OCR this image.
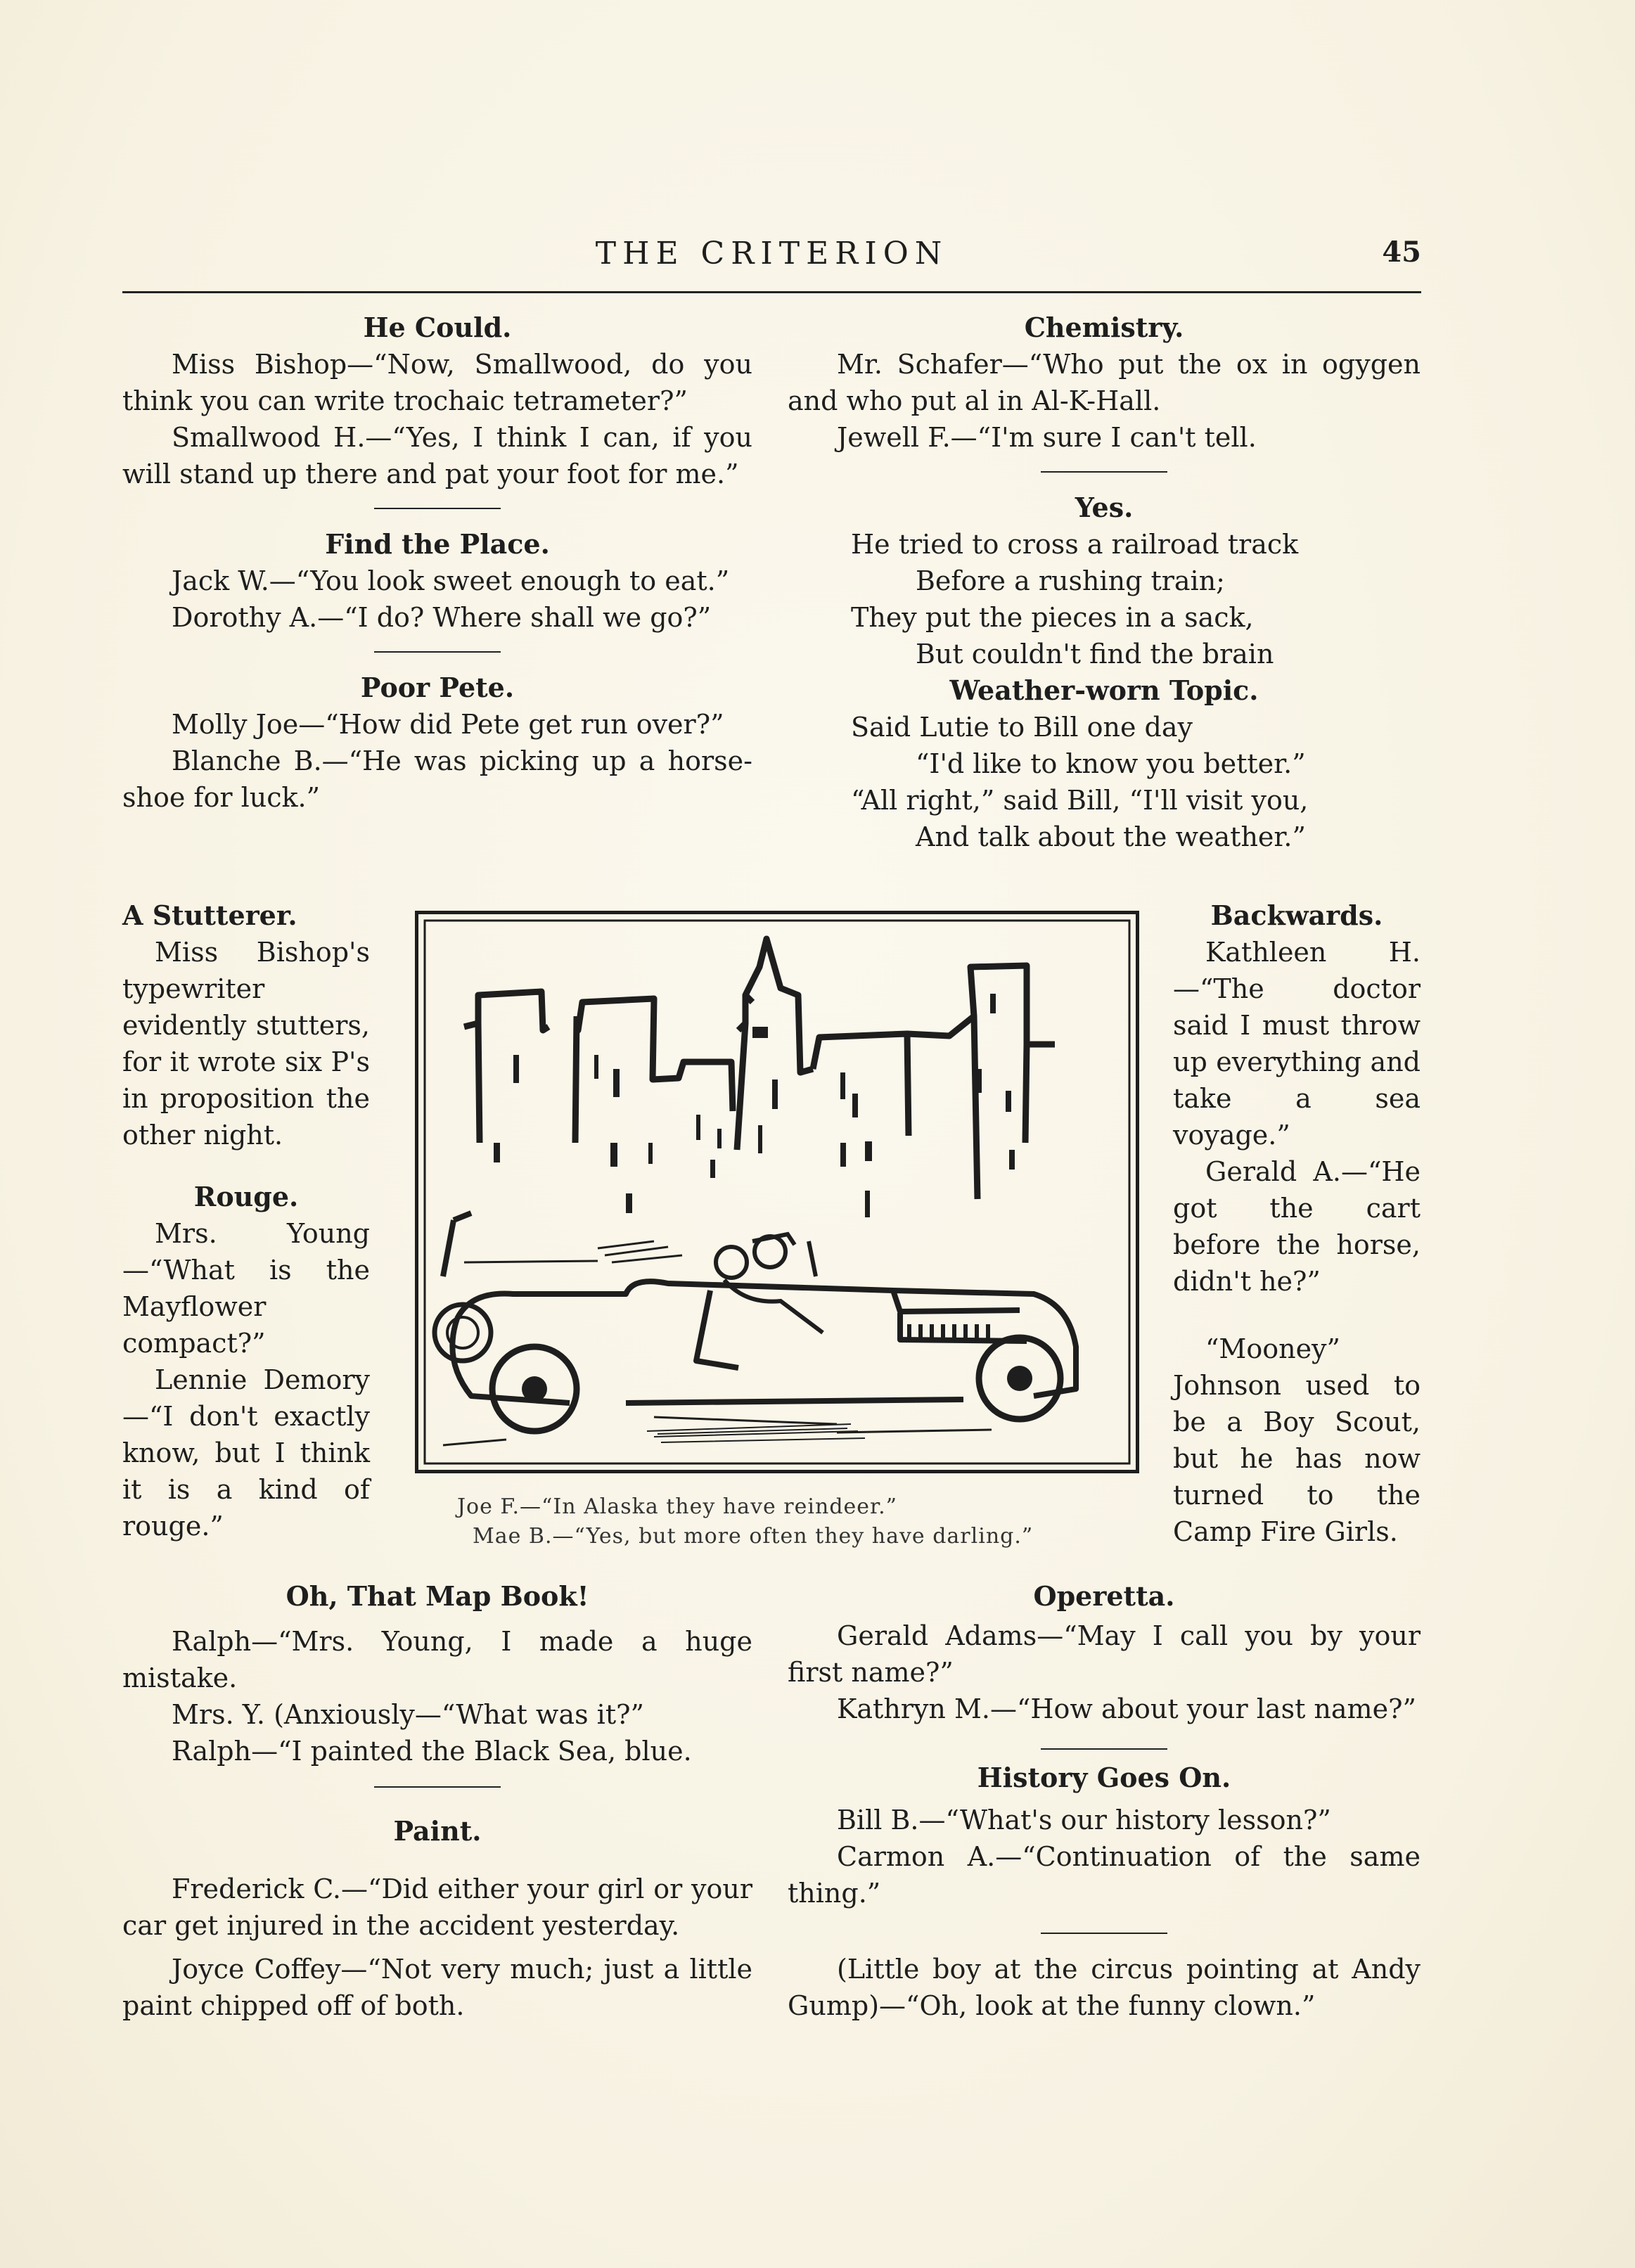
THE CRITERION	45

He Could.

Miss Bishop—“Now, Smallwood, do you think you can write trochaic tetrameter?”

Smallwood H.—“Yes, I think I can, if you will stand up there and pat your foot for me.”

Find the Place.

Jack W.—“You look sweet enough to eat.”

Dorothy A.—“I do? Where shall we go?”

Poor Pete.

Molly Joe—“How did Pete get run over?”

Blanche B.—“He was picking up a horse-shoe for luck.”

Chemistry.

Mr. Schafer—“Who put the ox in ogygen and who put al in Al-K-Hall.

Jewell F.—“I'm sure I can't tell.

Yes.

He tried to cross a railroad track

Before a rushing train;

They put the pieces in a sack,

But couldn't find the brain

Weather-worn Topic.

Said Lutie to Bill one day

“I'd like to know you better.”

“All right,” said Bill, “I'll visit you,

And talk about the weather.”

A Stutterer.

Miss Bishop's typewriter evidently stutters, for it wrote six P's in proposition the other night.

Rouge.

Mrs. Young—“What is the Mayflower compact?”

Lennie Demory—“I don't exactly know, but I think it is a kind of rouge.”

Joe F.—“In Alaska they have reindeer.”

Mae B.—“Yes, but more often they have darling.”

Backwards.

Kathleen H.—“The doctor said I must throw up everything and take a sea voyage.”

Gerald A.—“He got the cart before the horse, didn't he?”

“Mooney” Johnson used to be a Boy Scout, but he has now turned to the Camp Fire Girls.

Oh, That Map Book!

Ralph—“Mrs. Young, I made a huge mistake.

Mrs. Y. (Anxiously—“What was it?”

Ralph—“I painted the Black Sea, blue.

Paint.

Frederick C.—“Did either your girl or your car get injured in the accident yesterday.

Joyce Coffey—“Not very much; just a little paint chipped off of both.

Operetta.

Gerald Adams—“May I call you by your first name?”

Kathryn M.—“How about your last name?”

History Goes On.

Bill B.—“What's our history lesson?”

Carmon A.—“Continuation of the same thing.”

(Little boy at the circus pointing at Andy Gump)—“Oh, look at the funny clown.”
